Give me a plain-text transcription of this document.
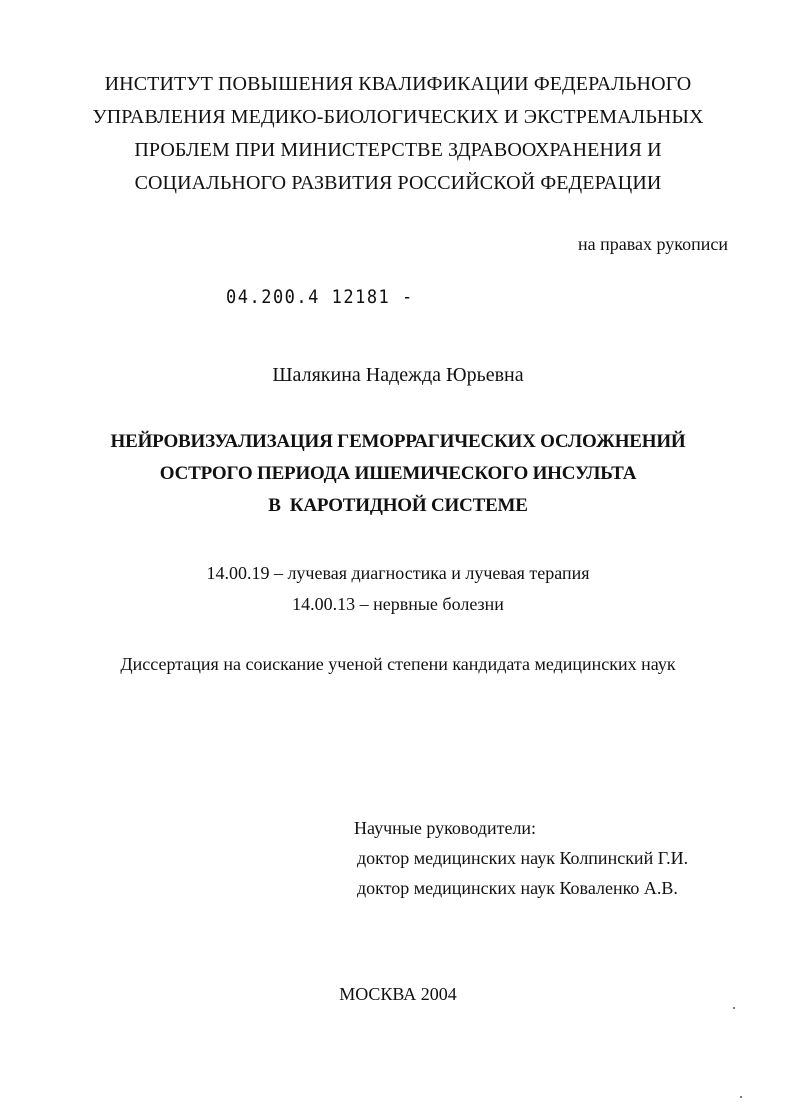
ИНСТИТУТ ПОВЫШЕНИЯ КВАЛИФИКАЦИИ ФЕДЕРАЛЬНОГО
УПРАВЛЕНИЯ МЕДИКО-БИОЛОГИЧЕСКИХ И ЭКСТРЕМАЛЬНЫХ
ПРОБЛЕМ ПРИ МИНИСТЕРСТВЕ ЗДРАВООХРАНЕНИЯ И
СОЦИАЛЬНОГО РАЗВИТИЯ РОССИЙСКОЙ ФЕДЕРАЦИИ
на правах рукописи
04.200.4 12181 -
Шалякина Надежда Юрьевна
НЕЙРОВИЗУАЛИЗАЦИЯ ГЕМОРРАГИЧЕСКИХ ОСЛОЖНЕНИЙ
ОСТРОГО ПЕРИОДА ИШЕМИЧЕСКОГО ИНСУЛЬТА
В  КАРОТИДНОЙ СИСТЕМЕ
14.00.19 – лучевая диагностика и лучевая терапия
14.00.13 – нервные болезни
Диссертация на соискание ученой степени кандидата медицинских наук
Научные руководители:
доктор медицинских наук Колпинский Г.И.
доктор медицинских наук Коваленко А.В.
МОСКВА 2004
